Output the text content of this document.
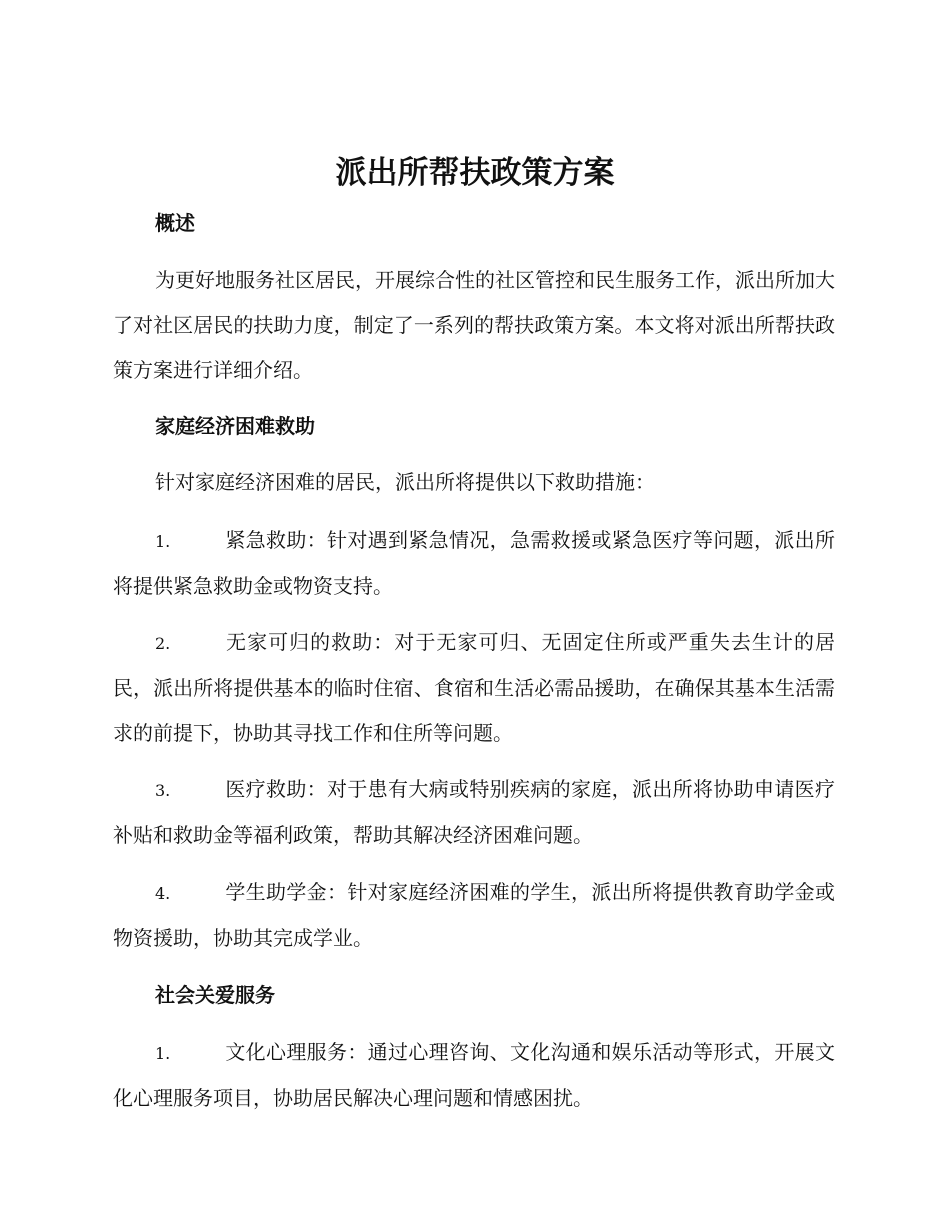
派出所帮扶政策方案
概述
为更好地服务社区居民，开展综合性的社区管控和民生服务工作，派出所加大了对社区居民的扶助力度，制定了一系列的帮扶政策方案。本文将对派出所帮扶政策方案进行详细介绍。
家庭经济困难救助
针对家庭经济困难的居民，派出所将提供以下救助措施：
1.	紧急救助：针对遇到紧急情况，急需救援或紧急医疗等问题，派出所将提供紧急救助金或物资支持。
2.	无家可归的救助：对于无家可归、无固定住所或严重失去生计的居民，派出所将提供基本的临时住宿、食宿和生活必需品援助，在确保其基本生活需求的前提下，协助其寻找工作和住所等问题。
3.	医疗救助：对于患有大病或特别疾病的家庭，派出所将协助申请医疗补贴和救助金等福利政策，帮助其解决经济困难问题。
4.	学生助学金：针对家庭经济困难的学生，派出所将提供教育助学金或物资援助，协助其完成学业。
社会关爱服务
1.	文化心理服务：通过心理咨询、文化沟通和娱乐活动等形式，开展文化心理服务项目，协助居民解决心理问题和情感困扰。
